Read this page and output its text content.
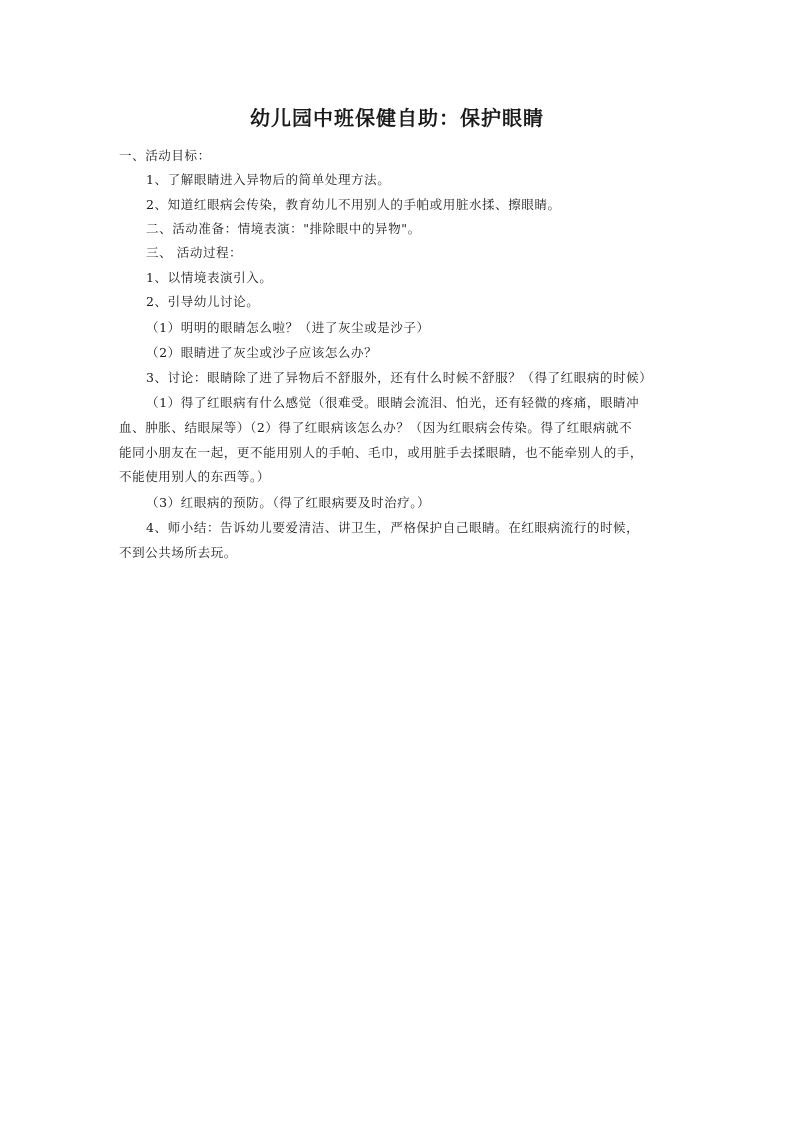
幼儿园中班保健自助：保护眼睛
一、活动目标：
1、了解眼睛进入异物后的简单处理方法。
2、知道红眼病会传染，教育幼儿不用别人的手帕或用脏水揉、擦眼睛。
二、活动准备：情境表演："排除眼中的异物"。
三、 活动过程：
1、以情境表演引入。
2、引导幼儿讨论。
（1）明明的眼睛怎么啦？（进了灰尘或是沙子）
（2）眼睛进了灰尘或沙子应该怎么办？
3、讨论：眼睛除了进了异物后不舒服外，还有什么时候不舒服？（得了红眼病的时候）
（1）得了红眼病有什么感觉（很难受。眼睛会流泪、怕光，还有轻微的疼痛，眼睛冲
血、肿胀、结眼屎等）（2）得了红眼病该怎么办？（因为红眼病会传染。得了红眼病就不
能同小朋友在一起，更不能用别人的手帕、毛巾，或用脏手去揉眼睛，也不能牵别人的手，
不能使用别人的东西等。）
（3）红眼病的预防。（得了红眼病要及时治疗。）
4、师小结：告诉幼儿要爱清洁、讲卫生，严格保护自己眼睛。在红眼病流行的时候，
不到公共场所去玩。
